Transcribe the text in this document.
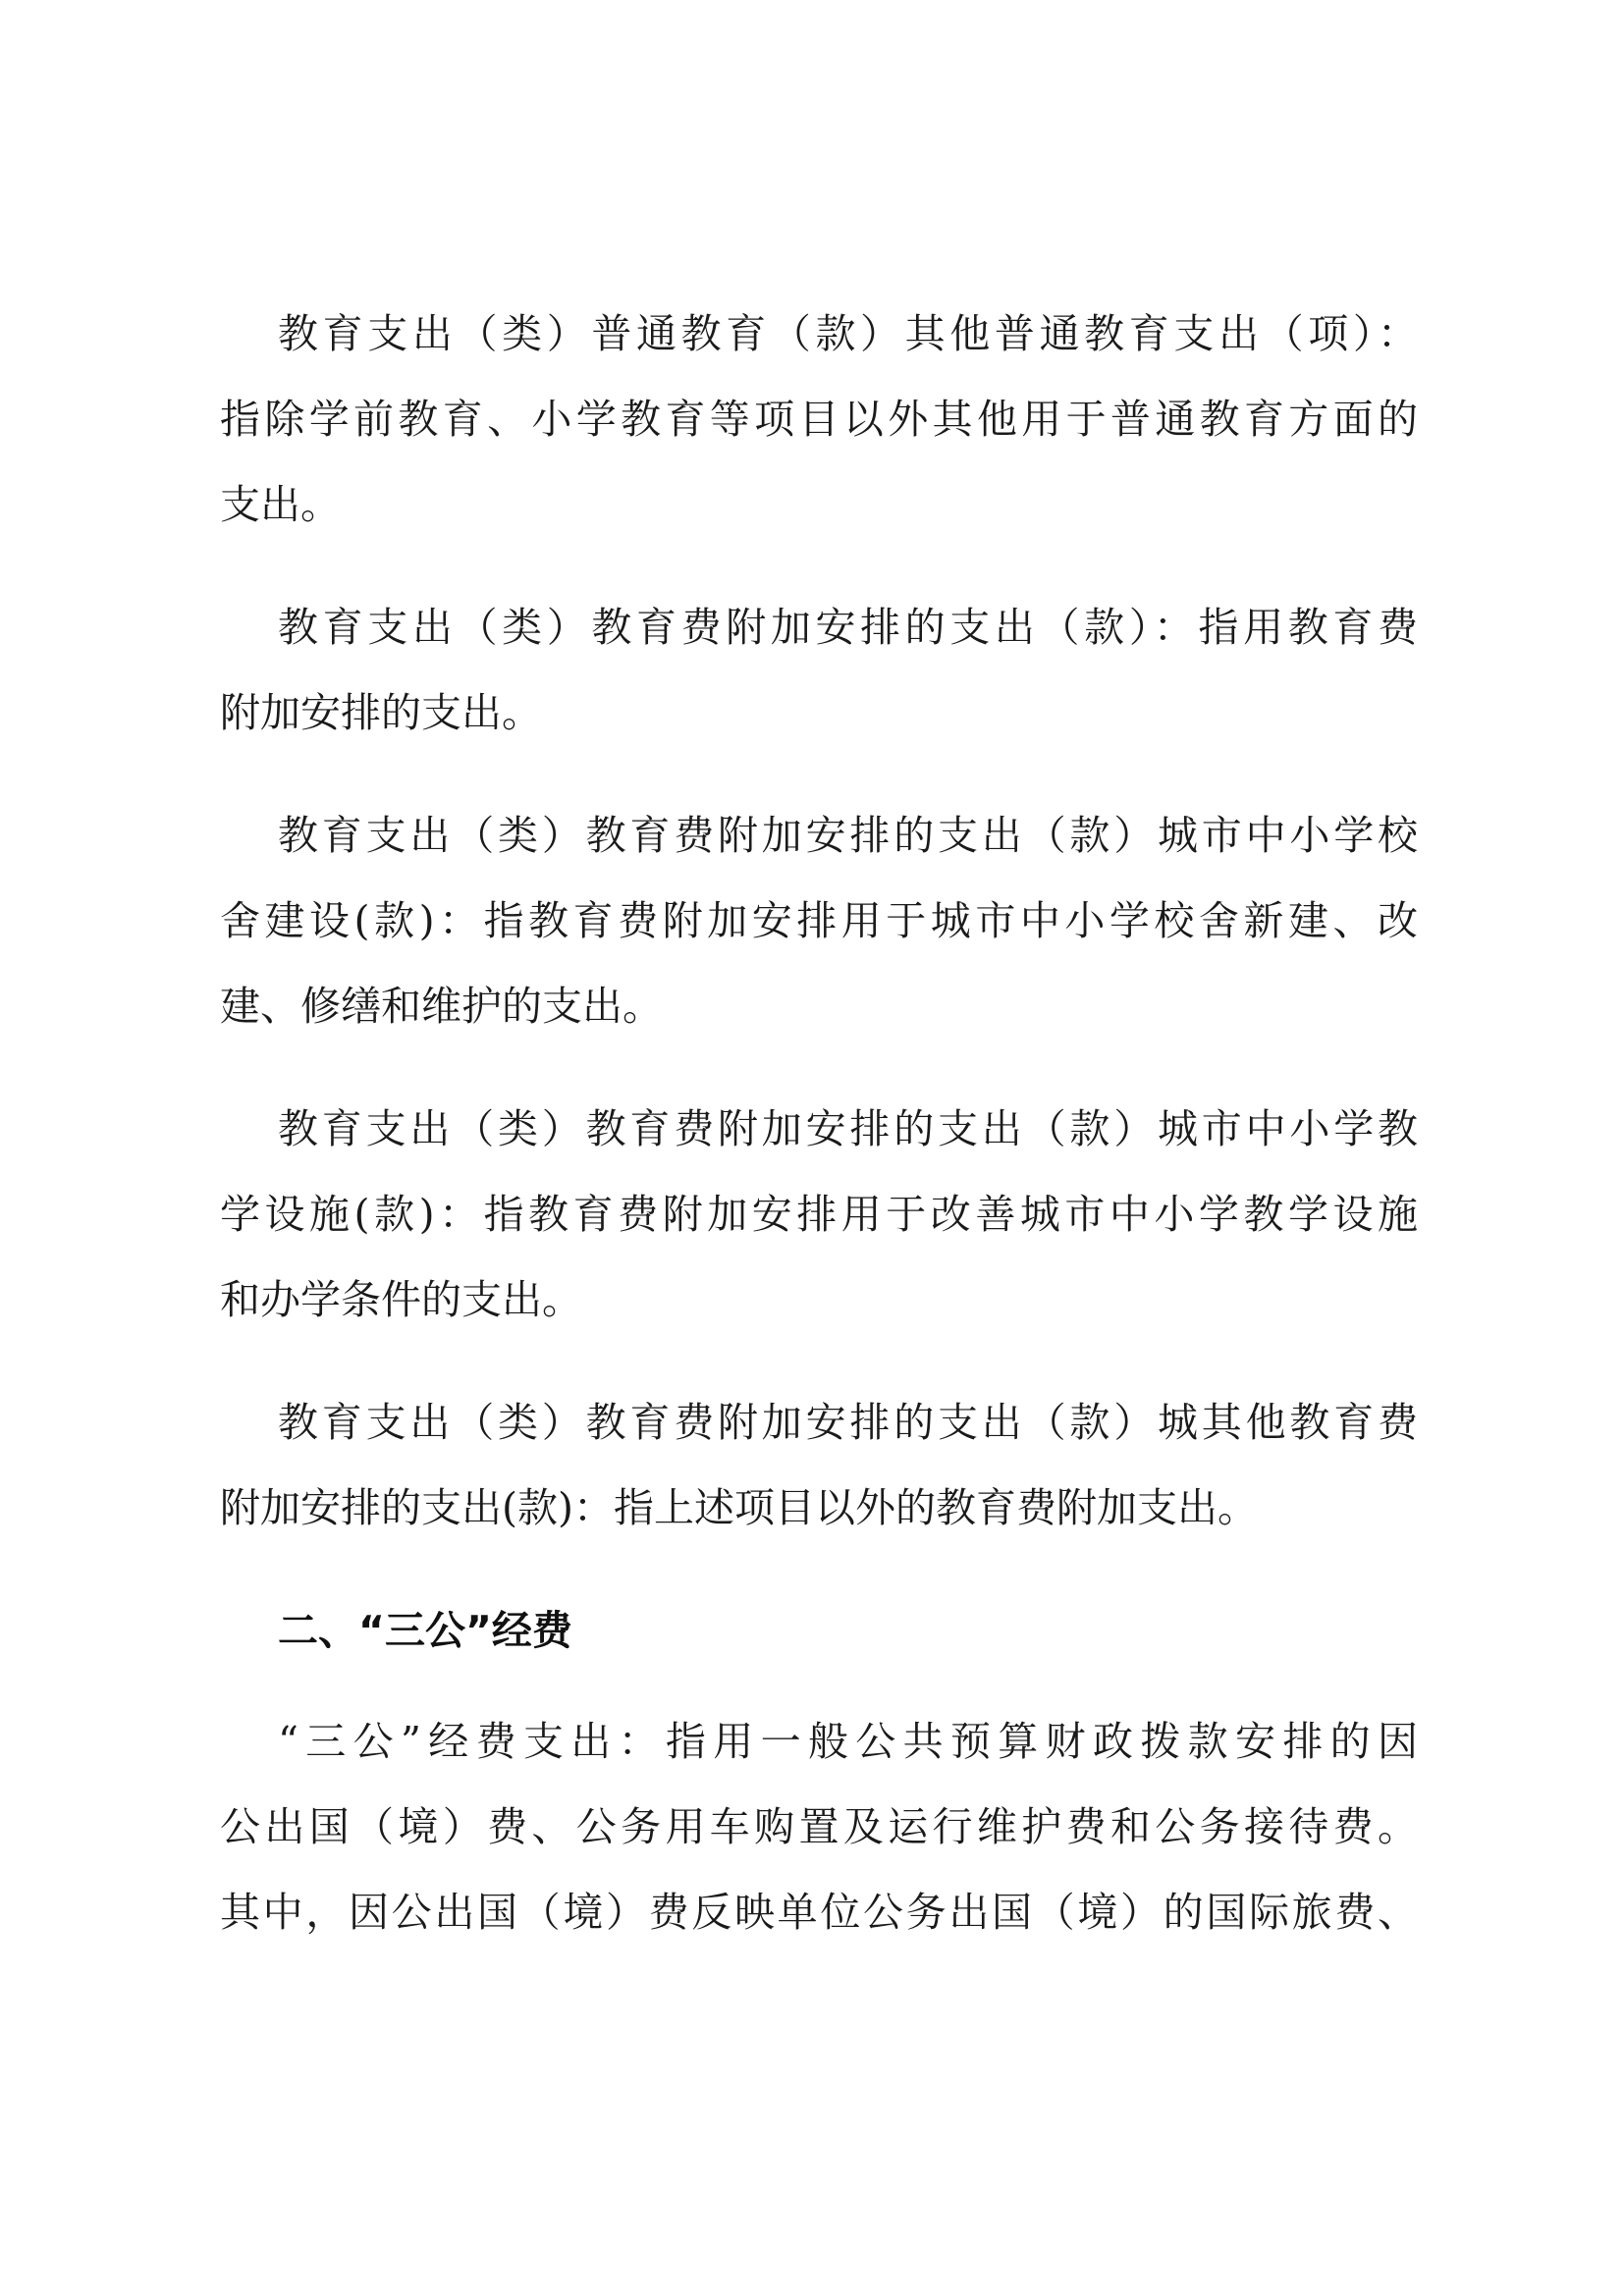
教育支出（类）普通教育（款）其他普通教育支出（项）：
指除学前教育、小学教育等项目以外其他用于普通教育方面的
支出。
教育支出（类）教育费附加安排的支出（款）：指用教育费
附加安排的支出。
教育支出（类）教育费附加安排的支出（款）城市中小学校
舍建设(款)：指教育费附加安排用于城市中小学校舍新建、改
建、修缮和维护的支出。
教育支出（类）教育费附加安排的支出（款）城市中小学教
学设施(款)：指教育费附加安排用于改善城市中小学教学设施
和办学条件的支出。
教育支出（类）教育费附加安排的支出（款）城其他教育费
附加安排的支出(款)：指上述项目以外的教育费附加支出。
二、“三公”经费
“三公”经费支出：指用一般公共预算财政拨款安排的因
公出国（境）费、公务用车购置及运行维护费和公务接待费。
其中，因公出国（境）费反映单位公务出国（境）的国际旅费、
